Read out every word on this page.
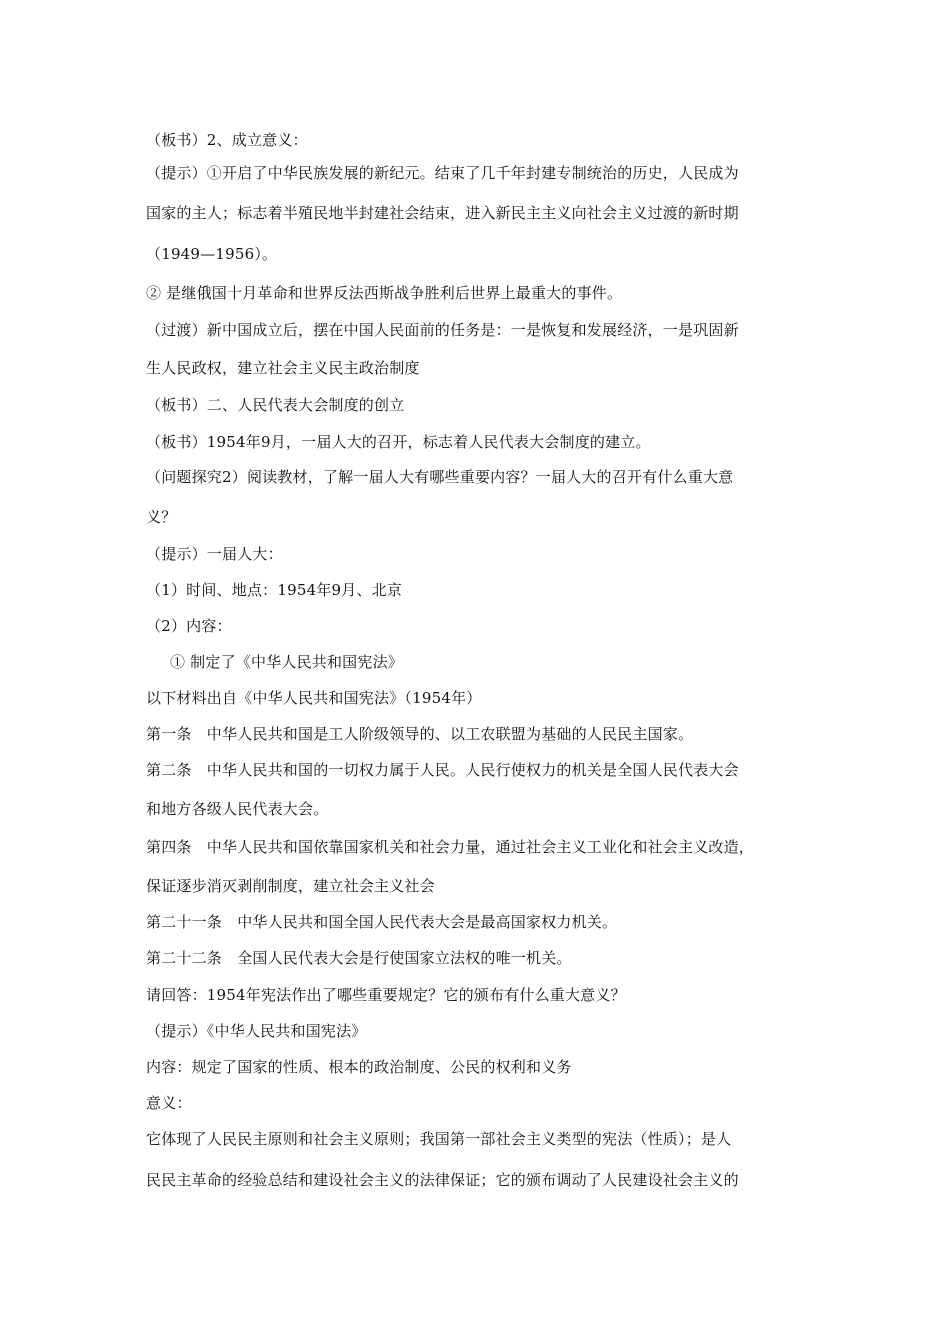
（板书）2、成立意义：
（提示）①开启了中华民族发展的新纪元。结束了几千年封建专制统治的历史，人民成为
国家的主人；标志着半殖民地半封建社会结束，进入新民主主义向社会主义过渡的新时期
（1949—1956）。
② 是继俄国十月革命和世界反法西斯战争胜利后世界上最重大的事件。
（过渡）新中国成立后，摆在中国人民面前的任务是：一是恢复和发展经济，一是巩固新
生人民政权，建立社会主义民主政治制度
（板书）二、人民代表大会制度的创立
（板书）1954年9月，一届人大的召开，标志着人民代表大会制度的建立。
（问题探究2）阅读教材，了解一届人大有哪些重要内容？一届人大的召开有什么重大意
义？
（提示）一届人大：
（1）时间、地点：1954年9月、北京
（2）内容：
① 制定了《中华人民共和国宪法》
以下材料出自《中华人民共和国宪法》（1954年）
第一条　中华人民共和国是工人阶级领导的、以工农联盟为基础的人民民主国家。
第二条　中华人民共和国的一切权力属于人民。人民行使权力的机关是全国人民代表大会
和地方各级人民代表大会。
第四条　中华人民共和国依靠国家机关和社会力量，通过社会主义工业化和社会主义改造，
保证逐步消灭剥削制度，建立社会主义社会
第二十一条　中华人民共和国全国人民代表大会是最高国家权力机关。
第二十二条　全国人民代表大会是行使国家立法权的唯一机关。
请回答：1954年宪法作出了哪些重要规定？它的颁布有什么重大意义？
（提示）《中华人民共和国宪法》
内容：规定了国家的性质、根本的政治制度、公民的权利和义务
意义：
它体现了人民民主原则和社会主义原则；我国第一部社会主义类型的宪法（性质）；是人
民民主革命的经验总结和建设社会主义的法律保证；它的颁布调动了人民建设社会主义的
